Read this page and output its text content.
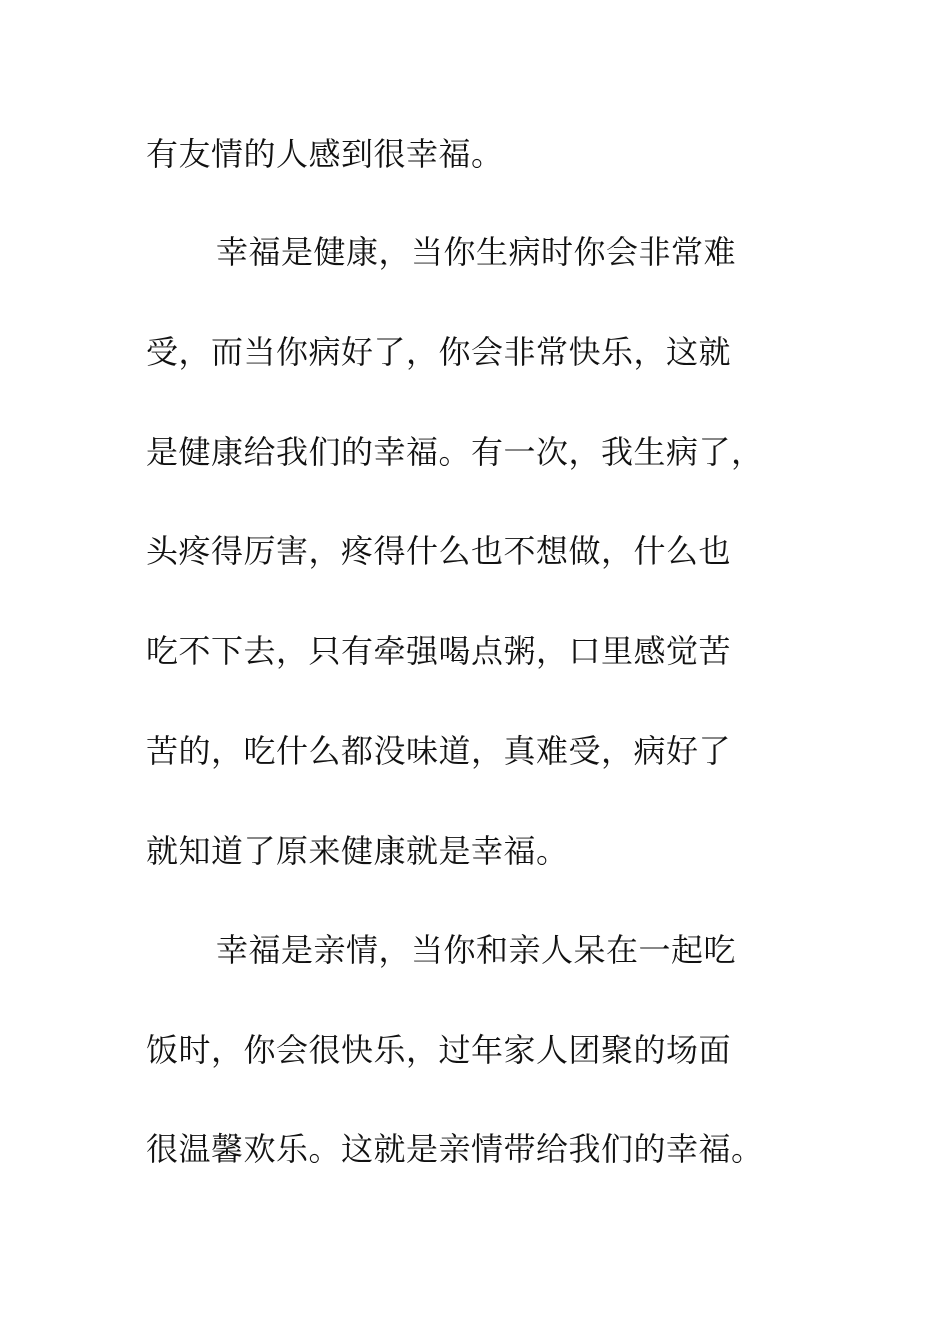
有友情的人感到很幸福。
幸福是健康，当你生病时你会非常难
受，而当你病好了，你会非常快乐，这就
是健康给我们的幸福。有一次，我生病了，
头疼得厉害，疼得什么也不想做，什么也
吃不下去，只有牵强喝点粥，口里感觉苦
苦的，吃什么都没味道，真难受，病好了
就知道了原来健康就是幸福。
幸福是亲情，当你和亲人呆在一起吃
饭时，你会很快乐，过年家人团聚的场面
很温馨欢乐。这就是亲情带给我们的幸福。
